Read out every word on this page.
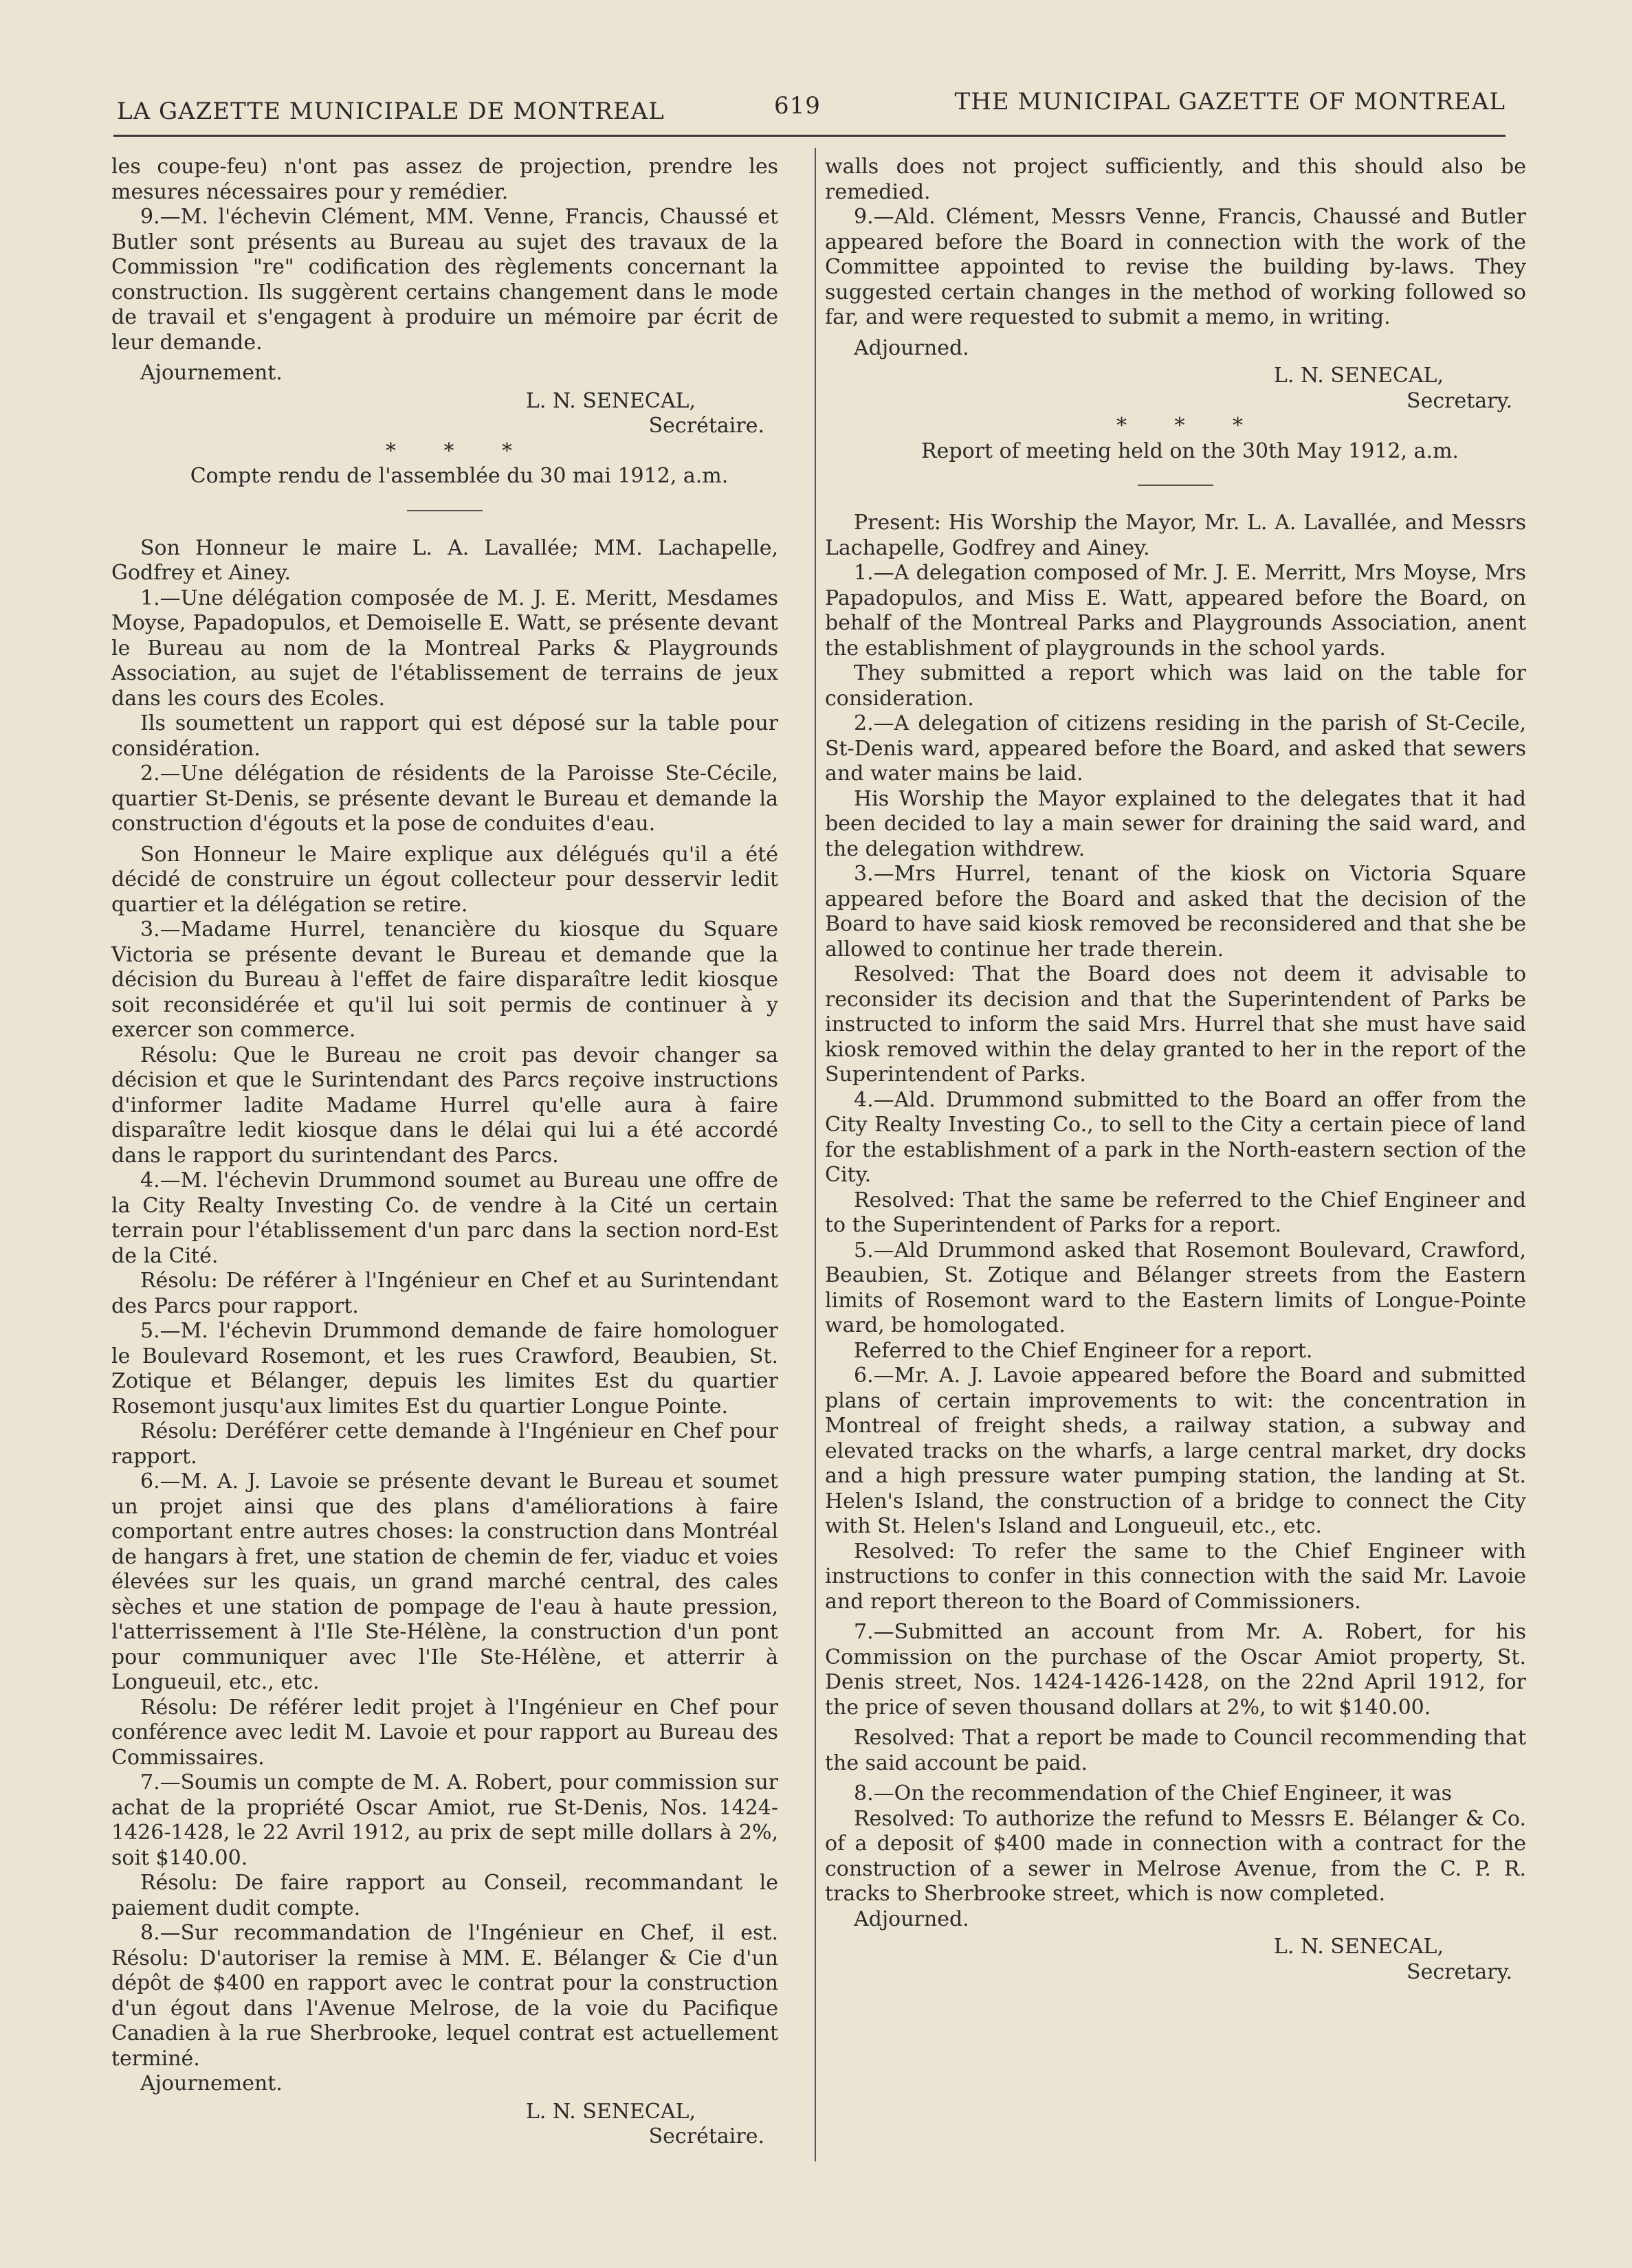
LA GAZETTE MUNICIPALE DE MONTREAL	619	THE MUNICIPAL GAZETTE OF MONTREAL

les coupe-feu) n'ont pas assez de projection, prendre les mesures nécessaires pour y remédier.

9.—M. l'échevin Clément, MM. Venne, Francis, Chaussé et Butler sont présents au Bureau au sujet des travaux de la Commission "re" codification des règlements concernant la construction. Ils suggèrent certains changement dans le mode de travail et s'engagent à produire un mémoire par écrit de leur demande.

Ajournement.

L. N. SENECAL,
Secrétaire.

* * *

Compte rendu de l'assemblée du 30 mai 1912, a.m.

Son Honneur le maire L. A. Lavallée; MM. Lachapelle, Godfrey et Ainey.

1.—Une délégation composée de M. J. E. Meritt, Mesdames Moyse, Papadopulos, et Demoiselle E. Watt, se présente devant le Bureau au nom de la Montreal Parks & Playgrounds Association, au sujet de l'établissement de terrains de jeux dans les cours des Ecoles.

Ils soumettent un rapport qui est déposé sur la table pour considération.

2.—Une délégation de résidents de la Paroisse Ste-Cécile, quartier St-Denis, se présente devant le Bureau et demande la construction d'égouts et la pose de conduites d'eau.

Son Honneur le Maire explique aux délégués qu'il a été décidé de construire un égout collecteur pour desservir ledit quartier et la délégation se retire.

3.—Madame Hurrel, tenancière du kiosque du Square Victoria se présente devant le Bureau et demande que la décision du Bureau à l'effet de faire disparaître ledit kiosque soit reconsidérée et qu'il lui soit permis de continuer à y exercer son commerce.

Résolu: Que le Bureau ne croit pas devoir changer sa décision et que le Surintendant des Parcs reçoive instructions d'informer ladite Madame Hurrel qu'elle aura à faire disparaître ledit kiosque dans le délai qui lui a été accordé dans le rapport du surintendant des Parcs.

4.—M. l'échevin Drummond soumet au Bureau une offre de la City Realty Investing Co. de vendre à la Cité un certain terrain pour l'établissement d'un parc dans la section nord-Est de la Cité.

Résolu: De référer à l'Ingénieur en Chef et au Surintendant des Parcs pour rapport.

5.—M. l'échevin Drummond demande de faire homologuer le Boulevard Rosemont, et les rues Crawford, Beaubien, St. Zotique et Bélanger, depuis les limites Est du quartier Rosemont jusqu'aux limites Est du quartier Longue Pointe.

Résolu: Deréférer cette demande à l'Ingénieur en Chef pour rapport.

6.—M. A. J. Lavoie se présente devant le Bureau et soumet un projet ainsi que des plans d'améliorations à faire comportant entre autres choses: la construction dans Montréal de hangars à fret, une station de chemin de fer, viaduc et voies élevées sur les quais, un grand marché central, des cales sèches et une station de pompage de l'eau à haute pression, l'atterrissement à l'Ile Ste-Hélène, la construction d'un pont pour communiquer avec l'Ile Ste-Hélène, et atterrir à Longueuil, etc., etc.

Résolu: De référer ledit projet à l'Ingénieur en Chef pour conférence avec ledit M. Lavoie et pour rapport au Bureau des Commissaires.

7.—Soumis un compte de M. A. Robert, pour commission sur achat de la propriété Oscar Amiot, rue St-Denis, Nos. 1424-1426-1428, le 22 Avril 1912, au prix de sept mille dollars à 2%, soit $140.00.

Résolu: De faire rapport au Conseil, recommandant le paiement dudit compte.

8.—Sur recommandation de l'Ingénieur en Chef, il est. Résolu: D'autoriser la remise à MM. E. Bélanger & Cie d'un dépôt de $400 en rapport avec le contrat pour la construction d'un égout dans l'Avenue Melrose, de la voie du Pacifique Canadien à la rue Sherbrooke, lequel contrat est actuellement terminé.

Ajournement.

L. N. SENECAL,
Secrétaire.

walls does not project sufficiently, and this should also be remedied.

9.—Ald. Clément, Messrs Venne, Francis, Chaussé and Butler appeared before the Board in connection with the work of the Committee appointed to revise the building by-laws. They suggested certain changes in the method of working followed so far, and were requested to submit a memo, in writing.

Adjourned.

L. N. SENECAL,
Secretary.

* * *

Report of meeting held on the 30th May 1912, a.m.

Present: His Worship the Mayor, Mr. L. A. Lavallée, and Messrs Lachapelle, Godfrey and Ainey.

1.—A delegation composed of Mr. J. E. Merritt, Mrs Moyse, Mrs Papadopulos, and Miss E. Watt, appeared before the Board, on behalf of the Montreal Parks and Playgrounds Association, anent the establishment of playgrounds in the school yards.

They submitted a report which was laid on the table for consideration.

2.—A delegation of citizens residing in the parish of St-Cecile, St-Denis ward, appeared before the Board, and asked that sewers and water mains be laid.

His Worship the Mayor explained to the delegates that it had been decided to lay a main sewer for draining the said ward, and the delegation withdrew.

3.—Mrs Hurrel, tenant of the kiosk on Victoria Square appeared before the Board and asked that the decision of the Board to have said kiosk removed be reconsidered and that she be allowed to continue her trade therein.

Resolved: That the Board does not deem it advisable to reconsider its decision and that the Superintendent of Parks be instructed to inform the said Mrs. Hurrel that she must have said kiosk removed within the delay granted to her in the report of the Superintendent of Parks.

4.—Ald. Drummond submitted to the Board an offer from the City Realty Investing Co., to sell to the City a certain piece of land for the establishment of a park in the North-eastern section of the City.

Resolved: That the same be referred to the Chief Engineer and to the Superintendent of Parks for a report.

5.—Ald Drummond asked that Rosemont Boulevard, Crawford, Beaubien, St. Zotique and Bélanger streets from the Eastern limits of Rosemont ward to the Eastern limits of Longue-Pointe ward, be homologated.

Referred to the Chief Engineer for a report.

6.—Mr. A. J. Lavoie appeared before the Board and submitted plans of certain improvements to wit: the concentration in Montreal of freight sheds, a railway station, a subway and elevated tracks on the wharfs, a large central market, dry docks and a high pressure water pumping station, the landing at St. Helen's Island, the construction of a bridge to connect the City with St. Helen's Island and Longueuil, etc., etc.

Resolved: To refer the same to the Chief Engineer with instructions to confer in this connection with the said Mr. Lavoie and report thereon to the Board of Commissioners.

7.—Submitted an account from Mr. A. Robert, for his Commission on the purchase of the Oscar Amiot property, St. Denis street, Nos. 1424-1426-1428, on the 22nd April 1912, for the price of seven thousand dollars at 2%, to wit $140.00.

Resolved: That a report be made to Council recommending that the said account be paid.

8.—On the recommendation of the Chief Engineer, it was

Resolved: To authorize the refund to Messrs E. Bélanger & Co. of a deposit of $400 made in connection with a contract for the construction of a sewer in Melrose Avenue, from the C. P. R. tracks to Sherbrooke street, which is now completed.

Adjourned.

L. N. SENECAL,
Secretary.
